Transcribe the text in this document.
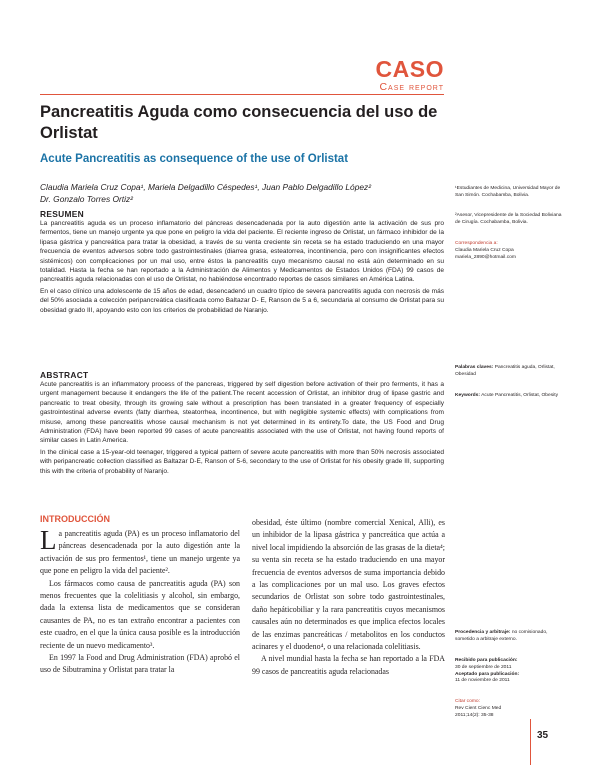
CASO
Case report
Pancreatitis Aguda como consecuencia del uso de Orlistat
Acute Pancreatitis as consequence of the use of Orlistat
Claudia Mariela Cruz Copa¹, Mariela Delgadillo Céspedes¹, Juan Pablo Delgadillo López²
Dr. Gonzalo Torres Ortiz²
RESUMEN

La pancreatitis aguda es un proceso inflamatorio del páncreas desencadenada por la auto digestión ante la activación de sus pro fermentos, tiene un manejo urgente ya que pone en peligro la vida del paciente. El reciente ingreso de Orlistat, un fármaco inhibidor de la lipasa gástrica y pancreática para tratar la obesidad, a través de su venta creciente sin receta se ha estado traduciendo en una mayor frecuencia de eventos adversos sobre todo gastrointestinales (diarrea grasa, esteatorrea, incontinencia, pero con insignificantes efectos sistémicos) con complicaciones por un mal uso, entre éstos la pancreatitis cuyo mecanismo causal no está aún determinado en su totalidad. Hasta la fecha se han reportado a la Administración de Alimentos y Medicamentos de Estados Unidos (FDA) 99 casos de pancreatitis aguda relacionadas con el uso de Orlistat, no habiéndose encontrado reportes de casos similares en América Latina.

En el caso clínico una adolescente de 15 años de edad, desencadenó un cuadro típico de severa pancreatitis aguda con necrosis de más del 50% asociada a colección peripancreática clasificada como Baltazar D- E, Ranson de 5 a 6, secundaria al consumo de Orlistat para su obesidad grado III, apoyando esto con los criterios de probabilidad de Naranjo.

ABSTRACT

Acute pancreatitis is an inflammatory process of the pancreas, triggered by self digestion before activation of their pro ferments, it has a urgent management because it endangers the life of the patient.The recent accession of Orlistat, an inhibitor drug of lipase gastric and pancreatic to treat obesity, through its growing sale without a prescription has been translated in a greater frequency of especially gastrointestinal adverse events (fatty diarrhea, steatorrhea, incontinence, but with negligible systemic effects) with complications from misuse, among these pancreatitis whose causal mechanism is not yet determined in its entirety.To date, the US Food and Drug Administration (FDA) have been reported 99 cases of acute pancreatitis associated with the use of Orlistat, not having found reports of similar cases in Latin America.

In the clinical case a 15-year-old teenager, triggered a typical pattern of severe acute pancreatitis with more than 50% necrosis associated with peripancreatic collection classified as Baltazar D-E, Ranson of 5-6, secondary to the use of Orlistat for his obesity grade III, supporting this with the criteria of probability of Naranjo.

¹Estudiantes de Medicina, Universidad Mayor de San Simón. Cochabamba, Bolivia.
²Asesor, Vicepresidente de la Sociedad Boliviana de Cirugía. Cochabamba, Bolivia.
Correspondencia a:
Claudia Mariela Cruz Copa
mariela_2890@hotmail.com
Palabras claves: Pancreatitis aguda, Orlistat, Obesidad
Keywords: Acute Pancreatitis, Orlistat, Obesity
Procedencia y arbitraje: no comisionado, sometido a arbitraje externo.
Recibido para publicación:
30 de septiembre de 2011
Aceptado para publicación:
11 de noviembre de 2011
Citar como:
Rev Cient Cienc Med
2011;14(2): 35-38
INTRODUCCIÓN

La pancreatitis aguda (PA) es un proceso inflamatorio del páncreas desencadenada por la auto digestión ante la activación de sus pro fermentos¹, tiene un manejo urgente ya que pone en peligro la vida del paciente².

Los fármacos como causa de pancreatitis aguda (PA) son menos frecuentes que la colelitiasis y alcohol, sin embargo, dada la extensa lista de medicamentos que se consideran causantes de PA, no es tan extraño encontrar a pacientes con este cuadro, en el que la única causa posible es la introducción reciente de un nuevo medicamento³.

En 1997 la Food and Drug Administration (FDA) aprobó el uso de Sibutramina y Orlistat para tratar la

obesidad, éste último (nombre comercial Xenical, Alli), es un inhibidor de la lipasa gástrica y pancreática que actúa a nivel local impidiendo la absorción de las grasas de la dieta⁴; su venta sin receta se ha estado traduciendo en una mayor frecuencia de eventos adversos de suma importancia debido a las complicaciones por un mal uso. Los graves efectos secundarios de Orlistat son sobre todo gastrointestinales, daño hepáticobiliar y la rara pancreatitis cuyos mecanismos causales aún no determinados es que implica efectos locales de las enzimas pancreáticas / metabolitos en los conductos acinares y el duodeno⁴, o una relacionada colelitiasis.

A nivel mundial hasta la fecha se han reportado a la FDA 99 casos de pancreatitis aguda relacionadas

35
